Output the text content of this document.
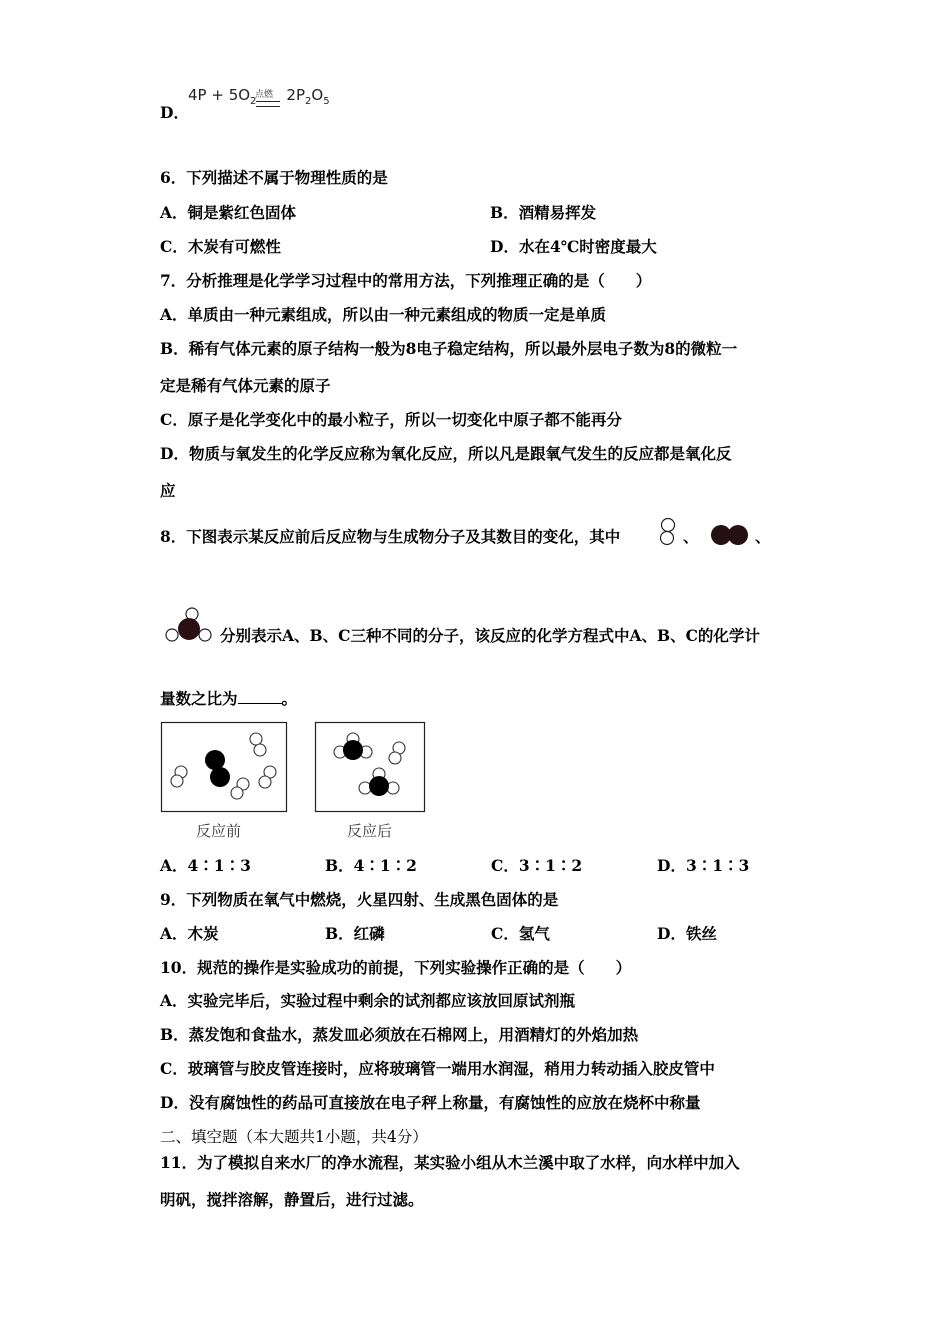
D．
$4P + 5O_2$ $2P_2O_5$
点燃
6．下列描述不属于物理性质的是
A．铜是紫红色固体	B．酒精易挥发
C．木炭有可燃性	D．水在4℃时密度最大
7．分析推理是化学学习过程中的常用方法，下列推理正确的是（　　）
A．单质由一种元素组成，所以由一种元素组成的物质一定是单质
B．稀有气体元素的原子结构一般为8电子稳定结构，所以最外层电子数为8的微粒一
定是稀有气体元素的原子
C．原子是化学变化中的最小粒子，所以一切变化中原子都不能再分
D．物质与氧发生的化学反应称为氧化反应，所以凡是跟氧气发生的反应都是氧化反
应
8．下图表示某反应前后反应物与生成物分子及其数目的变化，其中	、	、
分别表示A、B、C三种不同的分子，该反应的化学方程式中A、B、C的化学计
量数之比为	。
反应前	反应后
A．4∶1∶3	B．4∶1∶2	C．3∶1∶2	D．3∶1∶3
9．下列物质在氧气中燃烧，火星四射、生成黑色固体的是
A．木炭	B．红磷	C．氢气	D．铁丝
10．规范的操作是实验成功的前提，下列实验操作正确的是（　　）
A．实验完毕后，实验过程中剩余的试剂都应该放回原试剂瓶
B．蒸发饱和食盐水，蒸发皿必须放在石棉网上，用酒精灯的外焰加热
C．玻璃管与胶皮管连接时，应将玻璃管一端用水润湿，稍用力转动插入胶皮管中
D．没有腐蚀性的药品可直接放在电子秤上称量，有腐蚀性的应放在烧杯中称量
二、填空题（本大题共1小题，共4分）
11．为了模拟自来水厂的净水流程，某实验小组从木兰溪中取了水样，向水样中加入
明矾，搅拌溶解，静置后，进行过滤。
